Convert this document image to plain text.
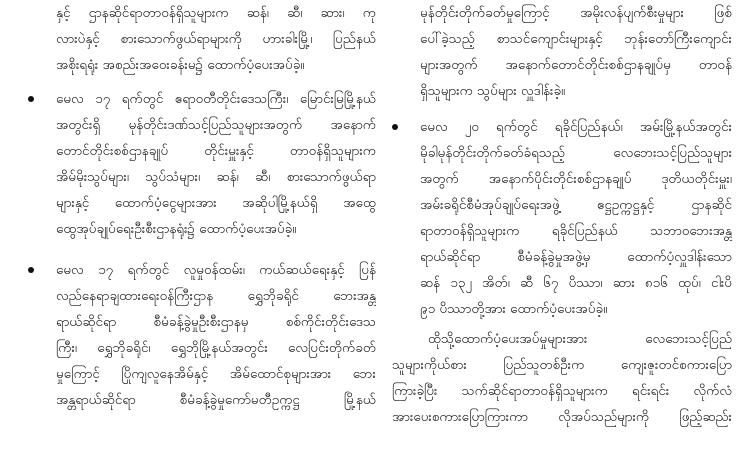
နှင့် ဌာနဆိုင်ရာတာဝန်ရှိသူများက ဆန်၊ ဆီ၊ ဆား၊ ကု
လားပဲနှင့် စားသောက်ဖွယ်ရာများကို ဟားခါးမြို့၊ ပြည်နယ်
အစိုးရရုံး အစည်းအဝေးခန်းမ၌ ထောက်ပံ့ပေးအပ်ခဲ့။
မေလ ၁၇ ရက်တွင် ဧရာဝတီတိုင်းဒေသကြီး၊ မြောင်းမြမြို့နယ်
အတွင်းရှိ မုန်တိုင်းဒဏ်သင့်ပြည်သူများအတွက် အနောက်
တောင်တိုင်းစစ်ဌာနချုပ် တိုင်းမှူးနှင့် တာဝန်ရှိသူများက
အိမ်မိုးသွပ်များ၊ သွပ်သံများ၊ ဆန်၊ ဆီ၊ စားသောက်ဖွယ်ရာ
များနှင့် ထောက်ပံ့ငွေများအား အဆိုပါမြို့နယ်ရှိ အထွေ
ထွေအုပ်ချုပ်ရေးဦးစီးဌာနရုံး၌ ထောက်ပံ့ပေးအပ်ခဲ့။
မေလ ၁၇ ရက်တွင် လူမှုဝန်ထမ်း၊ ကယ်ဆယ်ရေးနှင့် ပြန်
လည်နေရာချထားရေးဝန်ကြီးဌာန ရွှေဘိုခရိုင် ဘေးအန္တ
ရာယ်ဆိုင်ရာ စီမံခန့်ခွဲမှုဦးစီးဌာနမှ စစ်ကိုင်းတိုင်းဒေသ
ကြီး၊ ရွှေဘိုခရိုင်၊ ရွှေဘိုမြို့နယ်အတွင်း လေပြင်းတိုက်ခတ်
မှုကြောင့် ပြိုကျလူနေအိမ်နှင့် အိမ်ထောင်စုများအား ဘေး
အန္တရာယ်ဆိုင်ရာ စီမံခန့်ခွဲမှုကော်မတီဥက္ကဋ္ဌ မြို့နယ်
မုန်တိုင်းတိုက်ခတ်မှုကြောင့် အမိုးလန်ပျက်စီးမှုများ ဖြစ်
ပေါ်ခဲ့သည့် စာသင်ကျောင်းများနှင့် ဘုန်းတော်ကြီးကျောင်း
များအတွက် အနောက်တောင်တိုင်းစစ်ဌာနချုပ်မှ တာဝန်
ရှိသူများက သွပ်များ လှူဒါန်းခဲ့။
မေလ ၂၀ ရက်တွင် ရခိုင်ပြည်နယ်၊ အမ်းမြို့နယ်အတွင်း
မိုခါမုန်တိုင်းတိုက်ခတ်ခံရသည့် လေဘေးသင့်ပြည်သူများ
အတွက် အနောက်ပိုင်းတိုင်းစစ်ဌာနချုပ် ဒုတိယတိုင်းမှူး၊
အမ်းခရိုင်စီမံအုပ်ချုပ်ရေးအဖွဲ့ ဧဋ္ဌဥက္ကဋ္ဌနှင့် ဌာနဆိုင်
ရာတာဝန်ရှိသူများက ရခိုင်ပြည်နယ် သဘာဝဘေးအန္တ
ရာယ်ဆိုင်ရာ စီမံခန့်ခွဲမှုအဖွဲ့မှ ထောက်ပံ့လှူဒါန်းသော
ဆန် ၁၃၂ အိတ်၊ ဆီ ၆၇ ပိဿာ၊ ဆား ၈၁၆ ထုပ်၊ ငါးပိ
၉၁ ပိဿာတို့အား ထောက်ပံ့ပေးအပ်ခဲ့။
ထိုသို့ထောက်ပံ့ပေးအပ်မှုများအား လေဘေးသင့်ပြည်
သူများကိုယ်စား ပြည်သူတစ်ဦးက ကျေးဇူးတင်စကားပြော
ကြားခဲ့ပြီး သက်ဆိုင်ရာတာဝန်ရှိသူများက ရင်းရင်း လိုက်လံ
အားပေးစကားပြောကြားကာ လိုအပ်သည်များကို ဖြည့်ဆည်း
